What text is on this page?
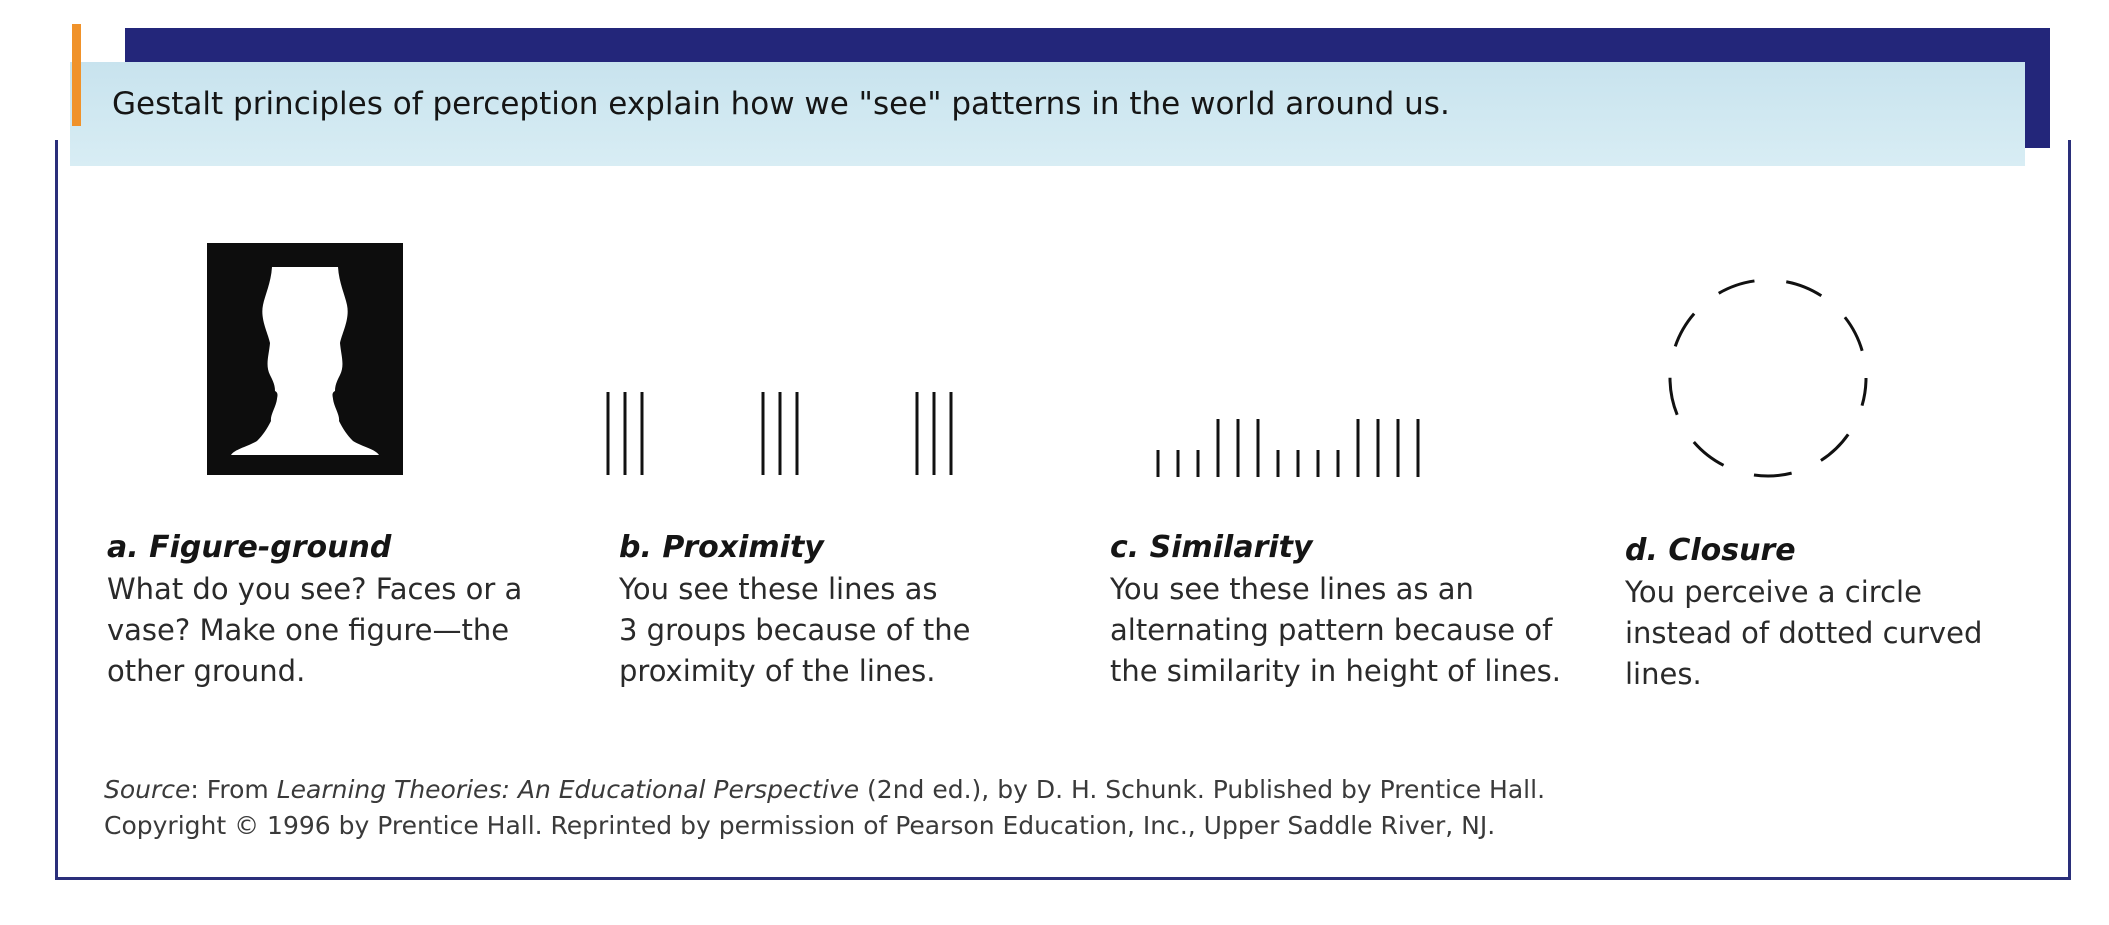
Gestalt principles of perception explain how we "see" patterns in the world around us.

a. Figure-ground

What do you see? Faces or a
vase? Make one figure—the
other ground.

b. Proximity

You see these lines as
3 groups because of the
proximity of the lines.

c. Similarity

You see these lines as an
alternating pattern because of
the similarity in height of lines.

d. Closure

You perceive a circle
instead of dotted curved
lines.

Source: From Learning Theories: An Educational Perspective (2nd ed.), by D. H. Schunk. Published by Prentice Hall.
Copyright © 1996 by Prentice Hall. Reprinted by permission of Pearson Education, Inc., Upper Saddle River, NJ.
